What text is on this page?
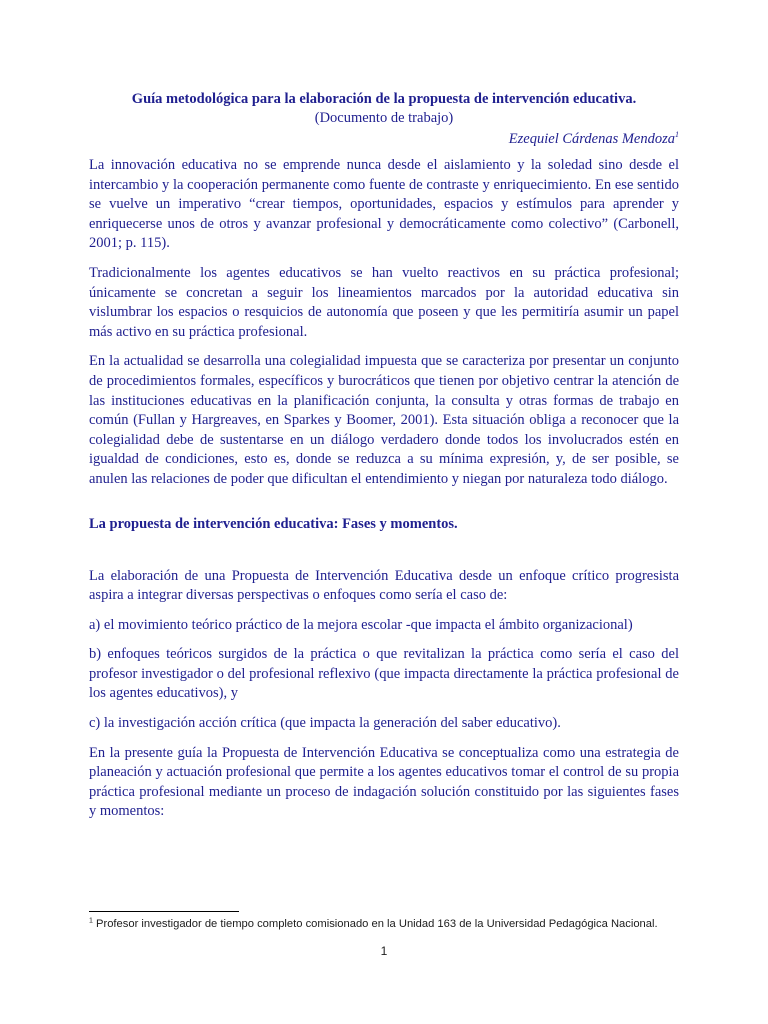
Guía metodológica para la elaboración de la propuesta de intervención educativa.

(Documento de trabajo)

Ezequiel Cárdenas Mendoza$^1$

La innovación educativa no se emprende nunca desde el aislamiento y la soledad sino desde el intercambio y la cooperación permanente como fuente de contraste y enriquecimiento. En ese sentido se vuelve un imperativo “crear tiempos, oportunidades, espacios y estímulos para aprender y enriquecerse unos de otros y avanzar profesional y democráticamente como colectivo” (Carbonell, 2001; p. 115).

Tradicionalmente los agentes educativos se han vuelto reactivos en su práctica profesional; únicamente se concretan a seguir los lineamientos marcados por la autoridad educativa sin vislumbrar los espacios o resquicios de autonomía que poseen y que les permitiría asumir un papel más activo en su práctica profesional.

En la actualidad se desarrolla una colegialidad impuesta que se caracteriza por presentar un conjunto de procedimientos formales, específicos y burocráticos que tienen por objetivo centrar la atención de las instituciones educativas en la planificación conjunta, la consulta y otras formas de trabajo en común (Fullan y Hargreaves, en Sparkes y Boomer, 2001). Esta situación obliga a reconocer que la colegialidad debe de sustentarse en un diálogo verdadero donde todos los involucrados estén en igualdad de condiciones, esto es, donde se reduzca a su mínima expresión, y, de ser posible, se anulen las relaciones de poder que dificultan el entendimiento y niegan por naturaleza todo diálogo.

La propuesta de intervención educativa: Fases y momentos.

La elaboración de una Propuesta de Intervención Educativa desde un enfoque crítico progresista aspira a integrar diversas perspectivas o enfoques como sería el caso de:

a) el movimiento teórico práctico de la mejora escolar -que impacta el ámbito organizacional)

b) enfoques teóricos surgidos de la práctica o que revitalizan la práctica como sería el caso del profesor investigador o del profesional reflexivo (que impacta directamente la práctica profesional de los agentes educativos), y

c) la investigación acción crítica (que impacta la generación del saber educativo).

En la presente guía la Propuesta de Intervención Educativa se conceptualiza como una estrategia de planeación y actuación profesional que permite a los agentes educativos tomar el control de su propia práctica profesional mediante un proceso de indagación solución constituido por las siguientes fases y momentos:

$^1$ Profesor investigador de tiempo completo comisionado en la Unidad 163 de la Universidad Pedagógica Nacional.
1
